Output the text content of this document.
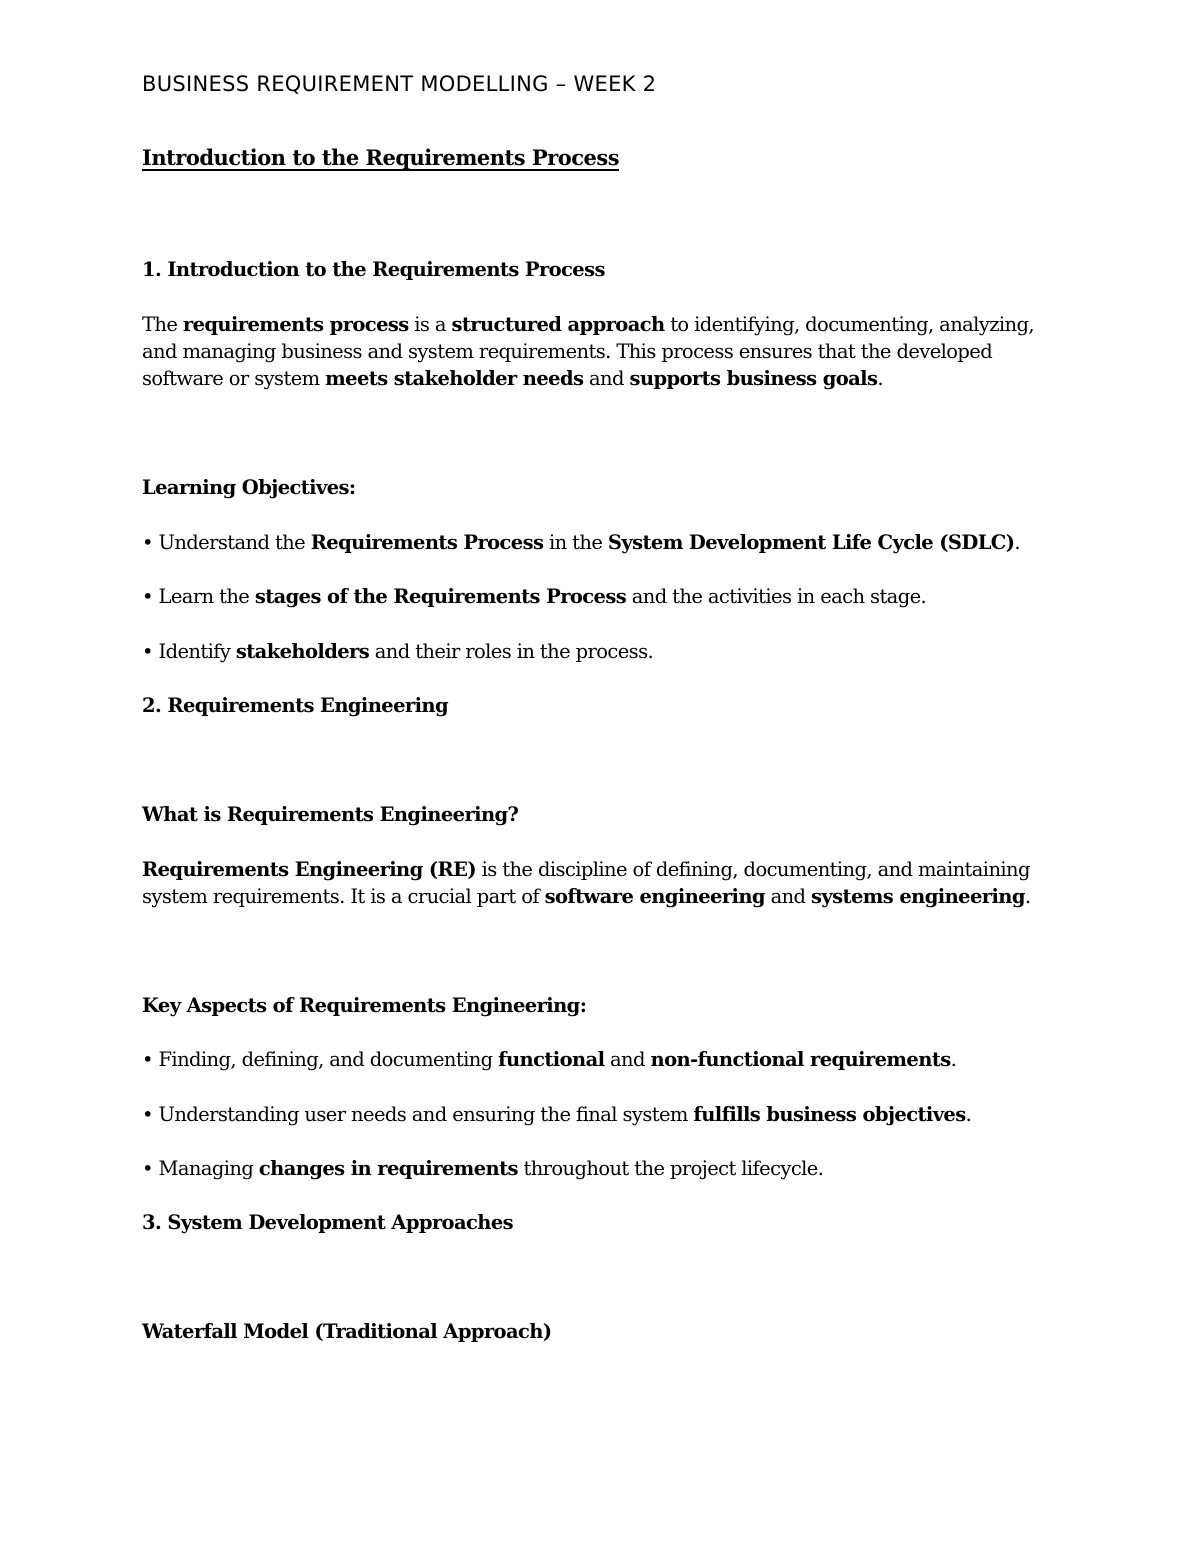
BUSINESS REQUIREMENT MODELLING – WEEK 2

Introduction to the Requirements Process

1. Introduction to the Requirements Process

The requirements process is a structured approach to identifying, documenting, analyzing,

and managing business and system requirements. This process ensures that the developed

software or system meets stakeholder needs and supports business goals.

Learning Objectives:

• Understand the Requirements Process in the System Development Life Cycle (SDLC).

• Learn the stages of the Requirements Process and the activities in each stage.

• Identify stakeholders and their roles in the process.

2. Requirements Engineering

What is Requirements Engineering?

Requirements Engineering (RE) is the discipline of defining, documenting, and maintaining

system requirements. It is a crucial part of software engineering and systems engineering.

Key Aspects of Requirements Engineering:

• Finding, defining, and documenting functional and non-functional requirements.

• Understanding user needs and ensuring the final system fulfills business objectives.

• Managing changes in requirements throughout the project lifecycle.

3. System Development Approaches

Waterfall Model (Traditional Approach)
